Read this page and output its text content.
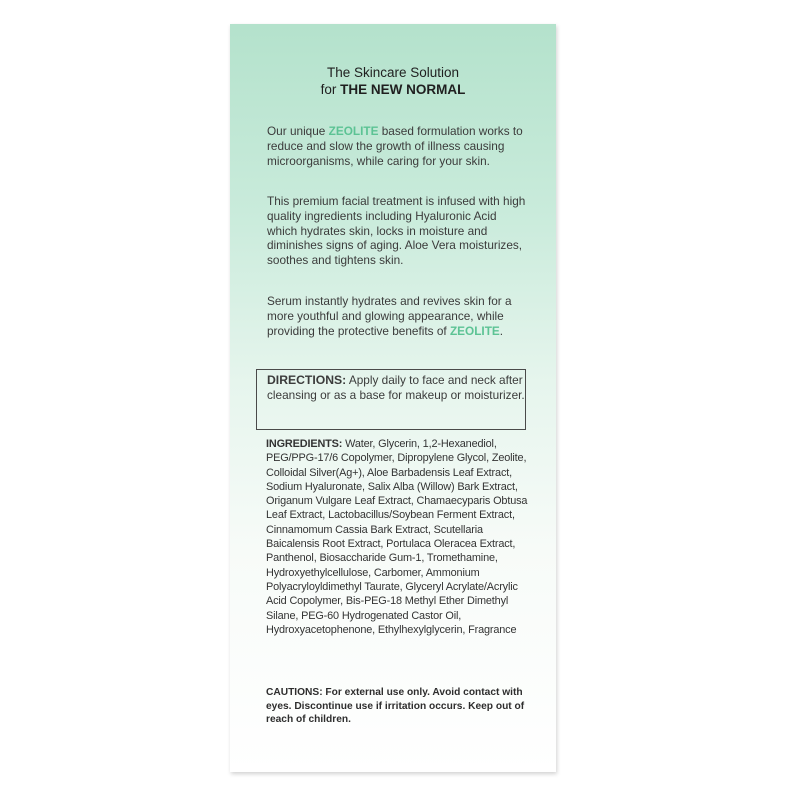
The Skincare Solution
for THE NEW NORMAL
Our unique ZEOLITE based formulation works to reduce and slow the growth of illness causing microorganisms, while caring for your skin.
This premium facial treatment is infused with high quality ingredients including Hyaluronic Acid which hydrates skin, locks in moisture and diminishes signs of aging. Aloe Vera moisturizes, soothes and tightens skin.
Serum instantly hydrates and revives skin for a more youthful and glowing appearance, while providing the protective benefits of ZEOLITE.
DIRECTIONS: Apply daily to face and neck after cleansing or as a base for makeup or moisturizer.
INGREDIENTS: Water, Glycerin, 1,2-Hexanediol, PEG/PPG-17/6 Copolymer, Dipropylene Glycol, Zeolite, Colloidal Silver(Ag+), Aloe Barbadensis Leaf Extract, Sodium Hyaluronate, Salix Alba (Willow) Bark Extract, Origanum Vulgare Leaf Extract, Chamaecyparis Obtusa Leaf Extract, Lactobacillus/Soybean Ferment Extract, Cinnamomum Cassia Bark Extract, Scutellaria Baicalensis Root Extract, Portulaca Oleracea Extract, Panthenol, Biosaccharide Gum-1, Tromethamine, Hydroxyethylcellulose, Carbomer, Ammonium Polyacryloyldimethyl Taurate, Glyceryl Acrylate/Acrylic Acid Copolymer, Bis-PEG-18 Methyl Ether Dimethyl Silane, PEG-60 Hydrogenated Castor Oil, Hydroxyacetophenone, Ethylhexylglycerin, Fragrance
CAUTIONS: For external use only. Avoid contact with eyes. Discontinue use if irritation occurs. Keep out of reach of children.
